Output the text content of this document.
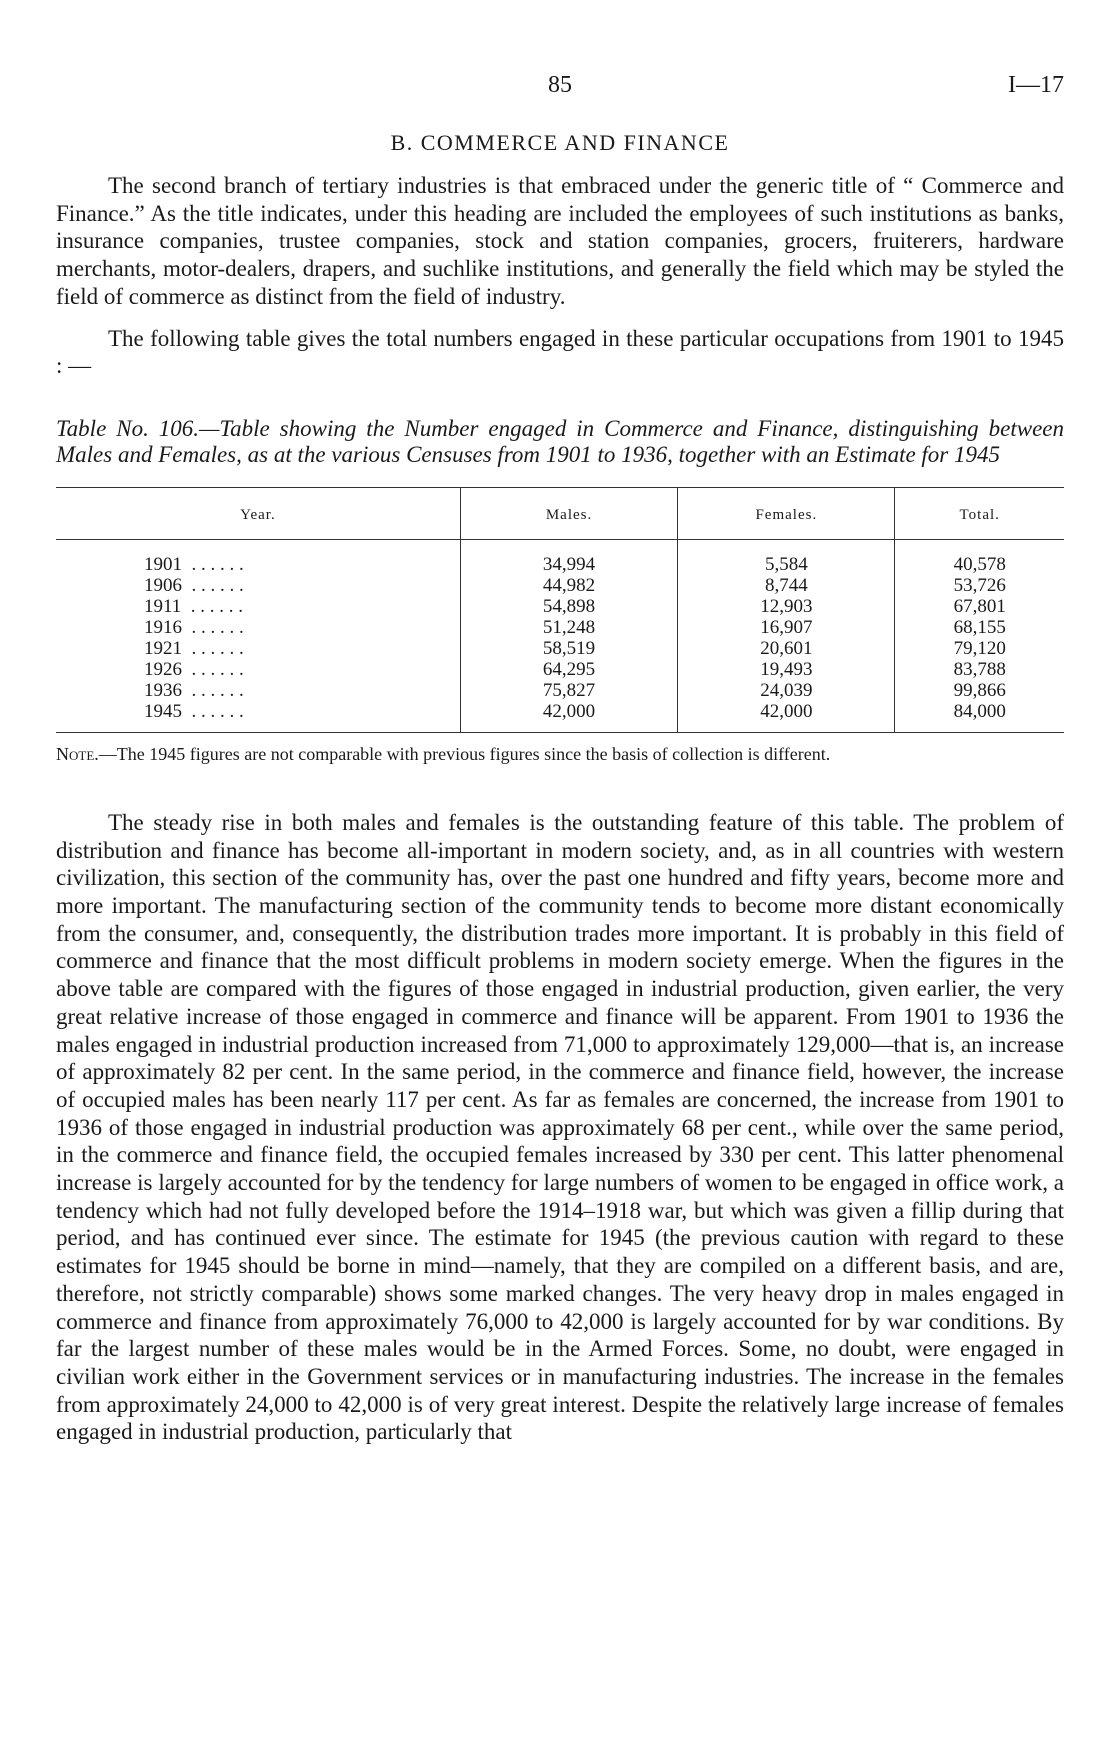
85	I—17
B. COMMERCE AND FINANCE

The second branch of tertiary industries is that embraced under the generic title of “ Commerce and Finance.” As the title indicates, under this heading are included the employees of such institutions as banks, insurance companies, trustee companies, stock and station companies, grocers, fruiterers, hardware merchants, motor-dealers, drapers, and suchlike institutions, and generally the field which may be styled the field of commerce as distinct from the field of industry.

The following table gives the total numbers engaged in these particular occupations from 1901 to 1945 : —

Table No. 106.—Table showing the Number engaged in Commerce and Finance, distinguishing between Males and Females, as at the various Censuses from 1901 to 1936, together with an Estimate for 1945
Year.	Males.	Females.	Total.
1901 . . . . . .	34,994	5,584	40,578
1906 . . . . . .	44,982	8,744	53,726
1911 . . . . . .	54,898	12,903	67,801
1916 . . . . . .	51,248	16,907	68,155
1921 . . . . . .	58,519	20,601	79,120
1926 . . . . . .	64,295	19,493	83,788
1936 . . . . . .	75,827	24,039	99,866
1945 . . . . . .	42,000	42,000	84,000

Note.—The 1945 figures are not comparable with previous figures since the basis of collection is different.

The steady rise in both males and females is the outstanding feature of this table. The problem of distribution and finance has become all-important in modern society, and, as in all countries with western civilization, this section of the community has, over the past one hundred and fifty years, become more and more important. The manufacturing section of the community tends to become more distant economically from the consumer, and, consequently, the distribution trades more important. It is probably in this field of commerce and finance that the most difficult problems in modern society emerge. When the figures in the above table are compared with the figures of those engaged in industrial production, given earlier, the very great relative increase of those engaged in commerce and finance will be apparent. From 1901 to 1936 the males engaged in industrial production increased from 71,000 to approximately 129,000—that is, an increase of approximately 82 per cent. In the same period, in the commerce and finance field, however, the increase of occupied males has been nearly 117 per cent. As far as females are concerned, the increase from 1901 to 1936 of those engaged in industrial production was approximately 68 per cent., while over the same period, in the commerce and finance field, the occupied females increased by 330 per cent. This latter phenomenal increase is largely accounted for by the tendency for large numbers of women to be engaged in office work, a tendency which had not fully developed before the 1914–1918 war, but which was given a fillip during that period, and has continued ever since. The estimate for 1945 (the previous caution with regard to these estimates for 1945 should be borne in mind—namely, that they are compiled on a different basis, and are, therefore, not strictly comparable) shows some marked changes. The very heavy drop in males engaged in commerce and finance from approximately 76,000 to 42,000 is largely accounted for by war conditions. By far the largest number of these males would be in the Armed Forces. Some, no doubt, were engaged in civilian work either in the Government services or in manufacturing industries. The increase in the females from approximately 24,000 to 42,000 is of very great interest. Despite the relatively large increase of females engaged in industrial production, particularly that
